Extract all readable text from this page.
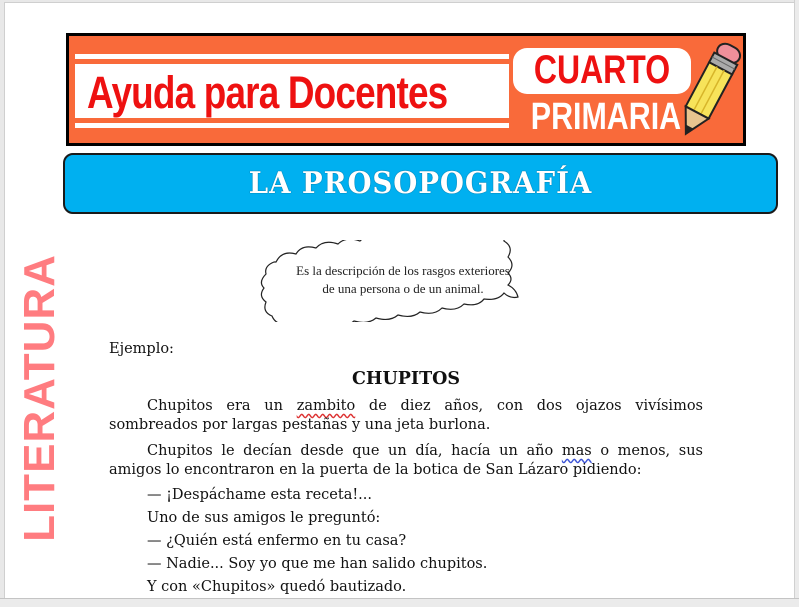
Ayuda para Docentes CUARTO
PRIMARIA
LA PROSOPOGRAFÍA
LITERATURA	Es la descripción de los rasgos exteriores
de una persona o de un animal.
Ejemplo:
CHUPITOS
Chupitos era un zambito de diez años, con dos ojazos vivísimos sombreados por largas pestañas y una jeta burlona.
Chupitos le decían desde que un día, hacía un año mas o menos, sus amigos lo encontraron en la puerta de la botica de San Lázaro pidiendo:
— ¡Despáchame esta receta!...
Uno de sus amigos le preguntó:
— ¿Quién está enfermo en tu casa?
— Nadie... Soy yo que me han salido chupitos.
Y con «Chupitos» quedó bautizado.
